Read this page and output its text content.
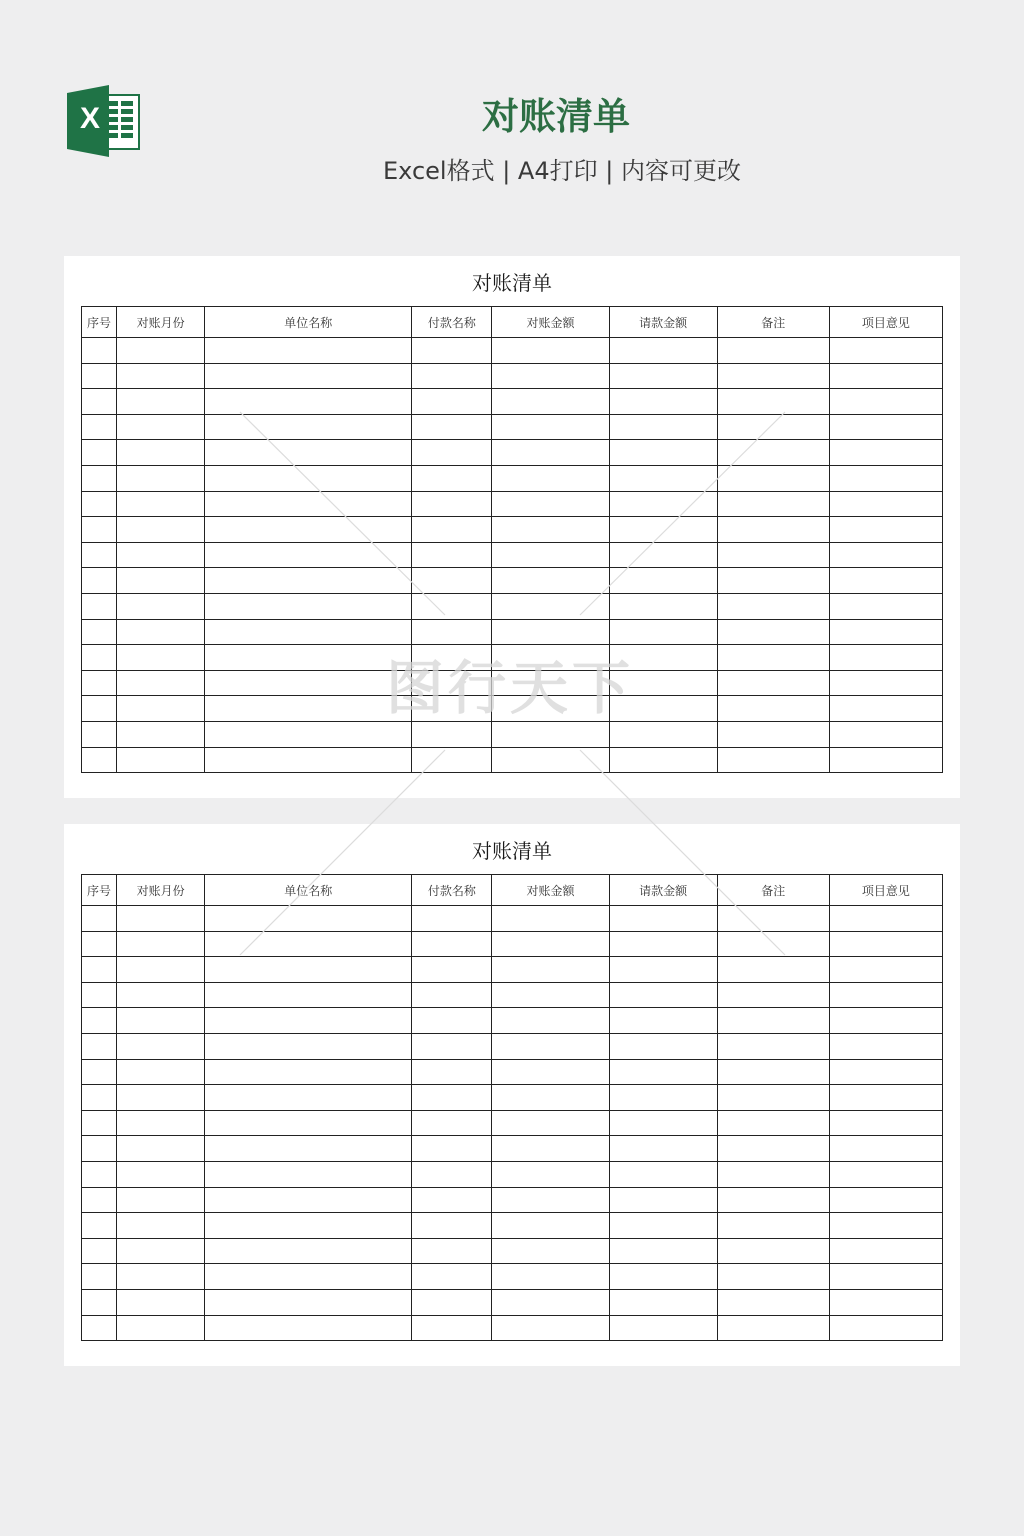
X	对账清单
Excel格式 | A4打印 | 内容可更改
对账清单
序号	对账月份	单位名称	付款名称	对账金额	请款金额	备注	项目意见

对账清单
序号	对账月份	单位名称	付款名称	对账金额	请款金额	备注	项目意见

图行天下
